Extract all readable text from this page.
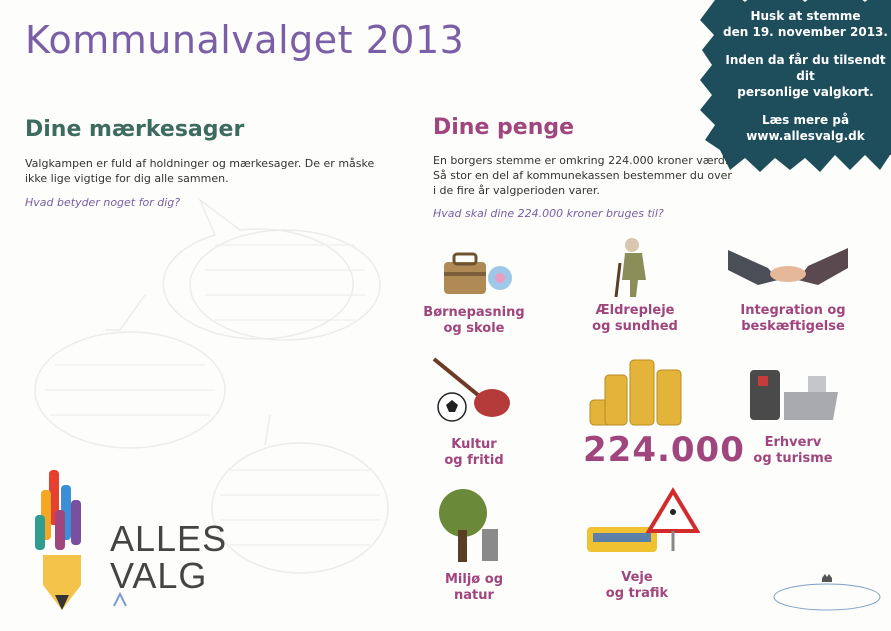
Kommunalvalget 2013

Husk at stemme
den 19. november 2013.

Inden da får du tilsendt dit
personlige valgkort.

Læs mere på
www.allesvalg.dk

Dine mærkesager

Valgkampen er fuld af holdninger og mærkesager. De er måske

ikke lige vigtige for dig alle sammen.

Hvad betyder noget for dig?

ALLES
VALG
Dine penge

En borgers stemme er omkring 224.000 kroner værd.

Så stor en del af kommunekassen bestemmer du over

i de fire år valgperioden varer.

Hvad skal dine 224.000 kroner bruges til?

Børnepasning
og skole
Ældrepleje
og sundhed
Integration og
beskæftigelse
Kultur
og fritid
Erhverv
og turisme
Miljø og
natur
Veje
og trafik
224.000
